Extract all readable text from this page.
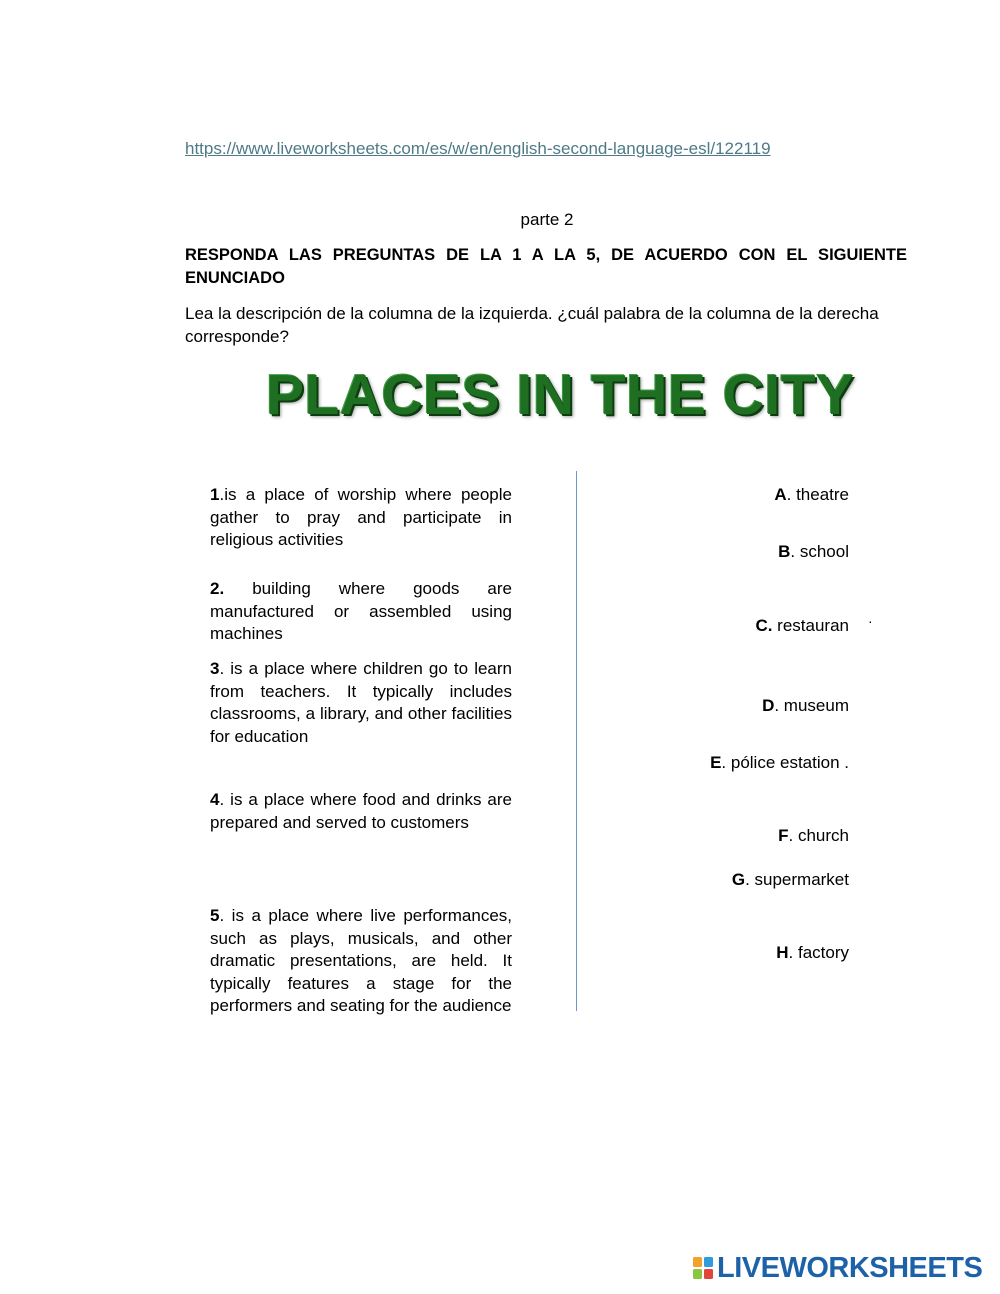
https://www.liveworksheets.com/es/w/en/english-second-language-esl/122119
parte 2
RESPONDA LAS PREGUNTAS DE LA 1 A LA 5, DE ACUERDO CON EL SIGUIENTE ENUNCIADO
Lea la descripción de la columna de la izquierda. ¿cuál palabra de la columna de la derecha corresponde?
PLACES IN THE CITY
1.is a place of worship where people gather to pray and participate in religious activities
2. building where goods are manufactured or assembled using machines
3. is a place where children go to learn from teachers. It typically includes classrooms, a library, and other facilities for education
4. is a place where food and drinks are prepared and served to customers
5. is a place where live performances, such as plays, musicals, and other dramatic presentations, are held. It typically features a stage for the performers and seating for the audience
A. theatre
B. school
C. restauran ·
D. museum
E. pólice estation .
F. church
G. supermarket
H. factory
LIVEWORKSHEETS
